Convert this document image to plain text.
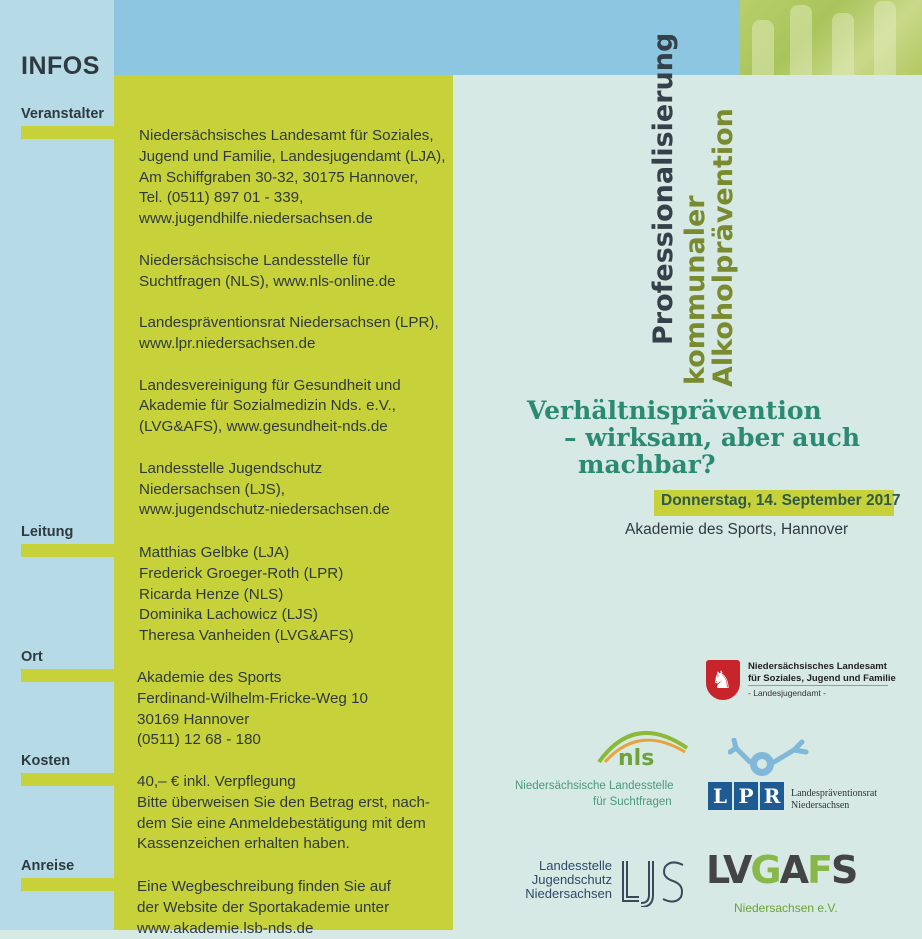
INFOS
Veranstalter
Leitung
Ort
Kosten
Anreise
Niedersächsisches Landesamt für Soziales,
Jugend und Familie, Landesjugendamt (LJA),
Am Schiffgraben 30-32, 30175 Hannover,
Tel. (0511) 897 01 - 339,
www.jugendhilfe.niedersachsen.de
Niedersächsische Landesstelle für
Suchtfragen (NLS), www.nls-online.de
Landespräventionsrat Niedersachsen (LPR),
www.lpr.niedersachsen.de
Landesvereinigung für Gesundheit und
Akademie für Sozialmedizin Nds. e.V.,
(LVG&AFS), www.gesundheit-nds.de
Landesstelle Jugendschutz
Niedersachsen (LJS),
www.jugendschutz-niedersachsen.de
Matthias Gelbke (LJA)
Frederick Groeger-Roth (LPR)
Ricarda Henze (NLS)
Dominika Lachowicz (LJS)
Theresa Vanheiden (LVG&AFS)
Akademie des Sports
Ferdinand-Wilhelm-Fricke-Weg 10
30169 Hannover
(0511) 12 68 - 180
40,– € inkl. Verpflegung
Bitte überweisen Sie den Betrag erst, nach-
dem Sie eine Anmeldebestätigung mit dem
Kassenzeichen erhalten haben.
Eine Wegbeschreibung finden Sie auf
der Website der Sportakademie unter
www.akademie.lsb-nds.de
Professionalisierung kommunaler
Alkoholprävention
Verhältnisprävention
– wirksam, aber auch
machbar?
Donnerstag, 14. September 2017
Akademie des Sports, Hannover
♞
Niedersächsisches Landesamt
für Soziales, Jugend und Familie
- Landesjugendamt -
nls
Niedersächsische Landesstelle
für Suchtfragen L P R	Landespräventionsrat
Niedersachsen
Landesstelle
Jugendschutz
Niedersachsen
LVGAFS
Niedersachsen e.V.
